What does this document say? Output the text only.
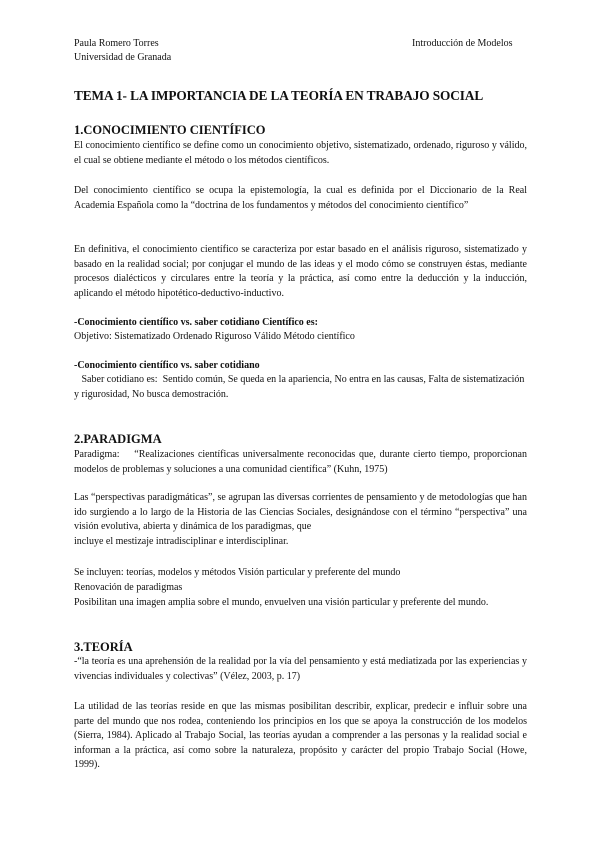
Paula Romero Torres
Universidad de Granada
Introducción de Modelos
TEMA 1- LA IMPORTANCIA DE LA TEORÍA EN TRABAJO SOCIAL
1.CONOCIMIENTO CIENTÍFICO
El conocimiento científico se define como un conocimiento objetivo, sistematizado, ordenado, riguroso y válido, el cual se obtiene mediante el método o los métodos científicos.
Del conocimiento científico se ocupa la epistemología, la cual es definida por el Diccionario de la Real Academia Española como la “doctrina de los fundamentos y métodos del conocimiento científico”
En definitiva, el conocimiento científico se caracteriza por estar basado en el análisis riguroso, sistematizado y basado en la realidad social; por conjugar el mundo de las ideas y el modo cómo se construyen éstas, mediante procesos dialécticos y circulares entre la teoría y la práctica, así como entre la deducción y la inducción, aplicando el método hipotético-deductivo-inductivo.
-Conocimiento científico vs. saber cotidiano Científico es:
Objetivo: Sistematizado Ordenado Riguroso Válido Método científico
-Conocimiento científico vs. saber cotidiano
Saber cotidiano es:  Sentido común, Se queda en la apariencia, No entra en las causas, Falta de sistematización y rigurosidad, No busca demostración.
2.PARADIGMA
Paradigma:    “Realizaciones científicas universalmente reconocidas que, durante cierto tiempo, proporcionan modelos de problemas y soluciones a una comunidad científica” (Kuhn, 1975)
Las “perspectivas paradigmáticas”, se agrupan las diversas corrientes de pensamiento y de metodologías que han ido surgiendo a lo largo de la Historia de las Ciencias Sociales, designándose con el término “perspectiva” una visión evolutiva, abierta y dinámica de los paradigmas, que
incluye el mestizaje intradisciplinar e interdisciplinar.
Se incluyen: teorías, modelos y métodos Visión particular y preferente del mundo
Renovación de paradigmas
Posibilitan una imagen amplia sobre el mundo, envuelven una visión particular y preferente del mundo.
3.TEORÍA
-“la teoría es una aprehensión de la realidad por la vía del pensamiento y está mediatizada por las experiencias y vivencias individuales y colectivas” (Vélez, 2003, p. 17)
La utilidad de las teorías reside en que las mismas posibilitan describir, explicar, predecir e influir sobre una parte del mundo que nos rodea, conteniendo los principios en los que se apoya la construcción de los modelos (Sierra, 1984). Aplicado al Trabajo Social, las teorías ayudan a comprender a las personas y la realidad social e informan a la práctica, así como sobre la naturaleza, propósito y carácter del propio Trabajo Social (Howe, 1999).
